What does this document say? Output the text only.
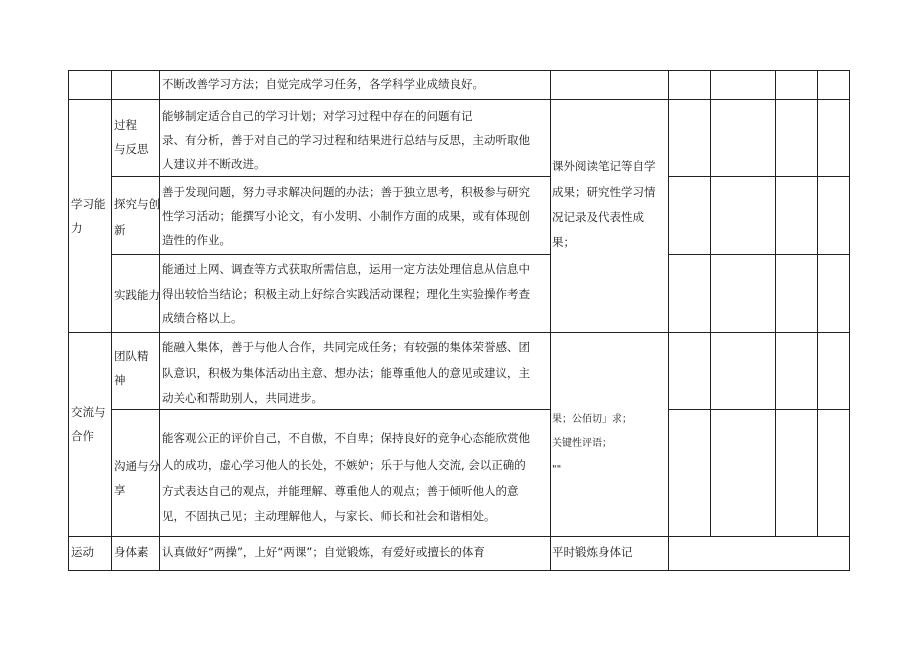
不断改善学习方法；自觉完成学习任务，各学科学业成绩良好。
学习能
力
过程
与反思
能够制定适合自己的学习计划；对学习过程中存在的问题有记
录、有分析，善于对自己的学习过程和结果进行总结与反思，主动听取他
人建议并不断改进。
探究与创
新
善于发现问题，努力寻求解决问题的办法；善于独立思考，积极参与研究
性学习活动；能撰写小论文，有小发明、小制作方面的成果，或有体现创
造性的作业。
实践能力
能通过上网、调查等方式获取所需信息，运用一定方法处理信息从信息中
得出较恰当结论；积极主动上好综合实践活动课程；理化生实验操作考查
成绩合格以上。
课外阅读笔记等自学
成果；研究性学习情
况记录及代表性成
果；
交流与
合作
团队精
神
能融入集体，善于与他人合作，共同完成任务；有较强的集体荣誉感、团
队意识，积极为集体活动出主意、想办法；能尊重他人的意见或建议，主
动关心和帮助别人，共同进步。
沟通与分
享
能客观公正的评价自己，不自傲，不自卑；保持良好的竞争心态能欣赏他
人的成功，虚心学习他人的长处，不嫉妒；乐于与他人交流, 会以正确的
方式表达自己的观点，并能理解、尊重他人的观点；善于倾听他人的意
见，不固执己见；主动理解他人，与家长、师长和社会和谐相处。
果；公佰切」求；
关键性评语；
""
运动 身体素 认真做好“两操”，上好“两课”；自觉锻炼，有爱好或擅长的体育	平时锻炼身体记
